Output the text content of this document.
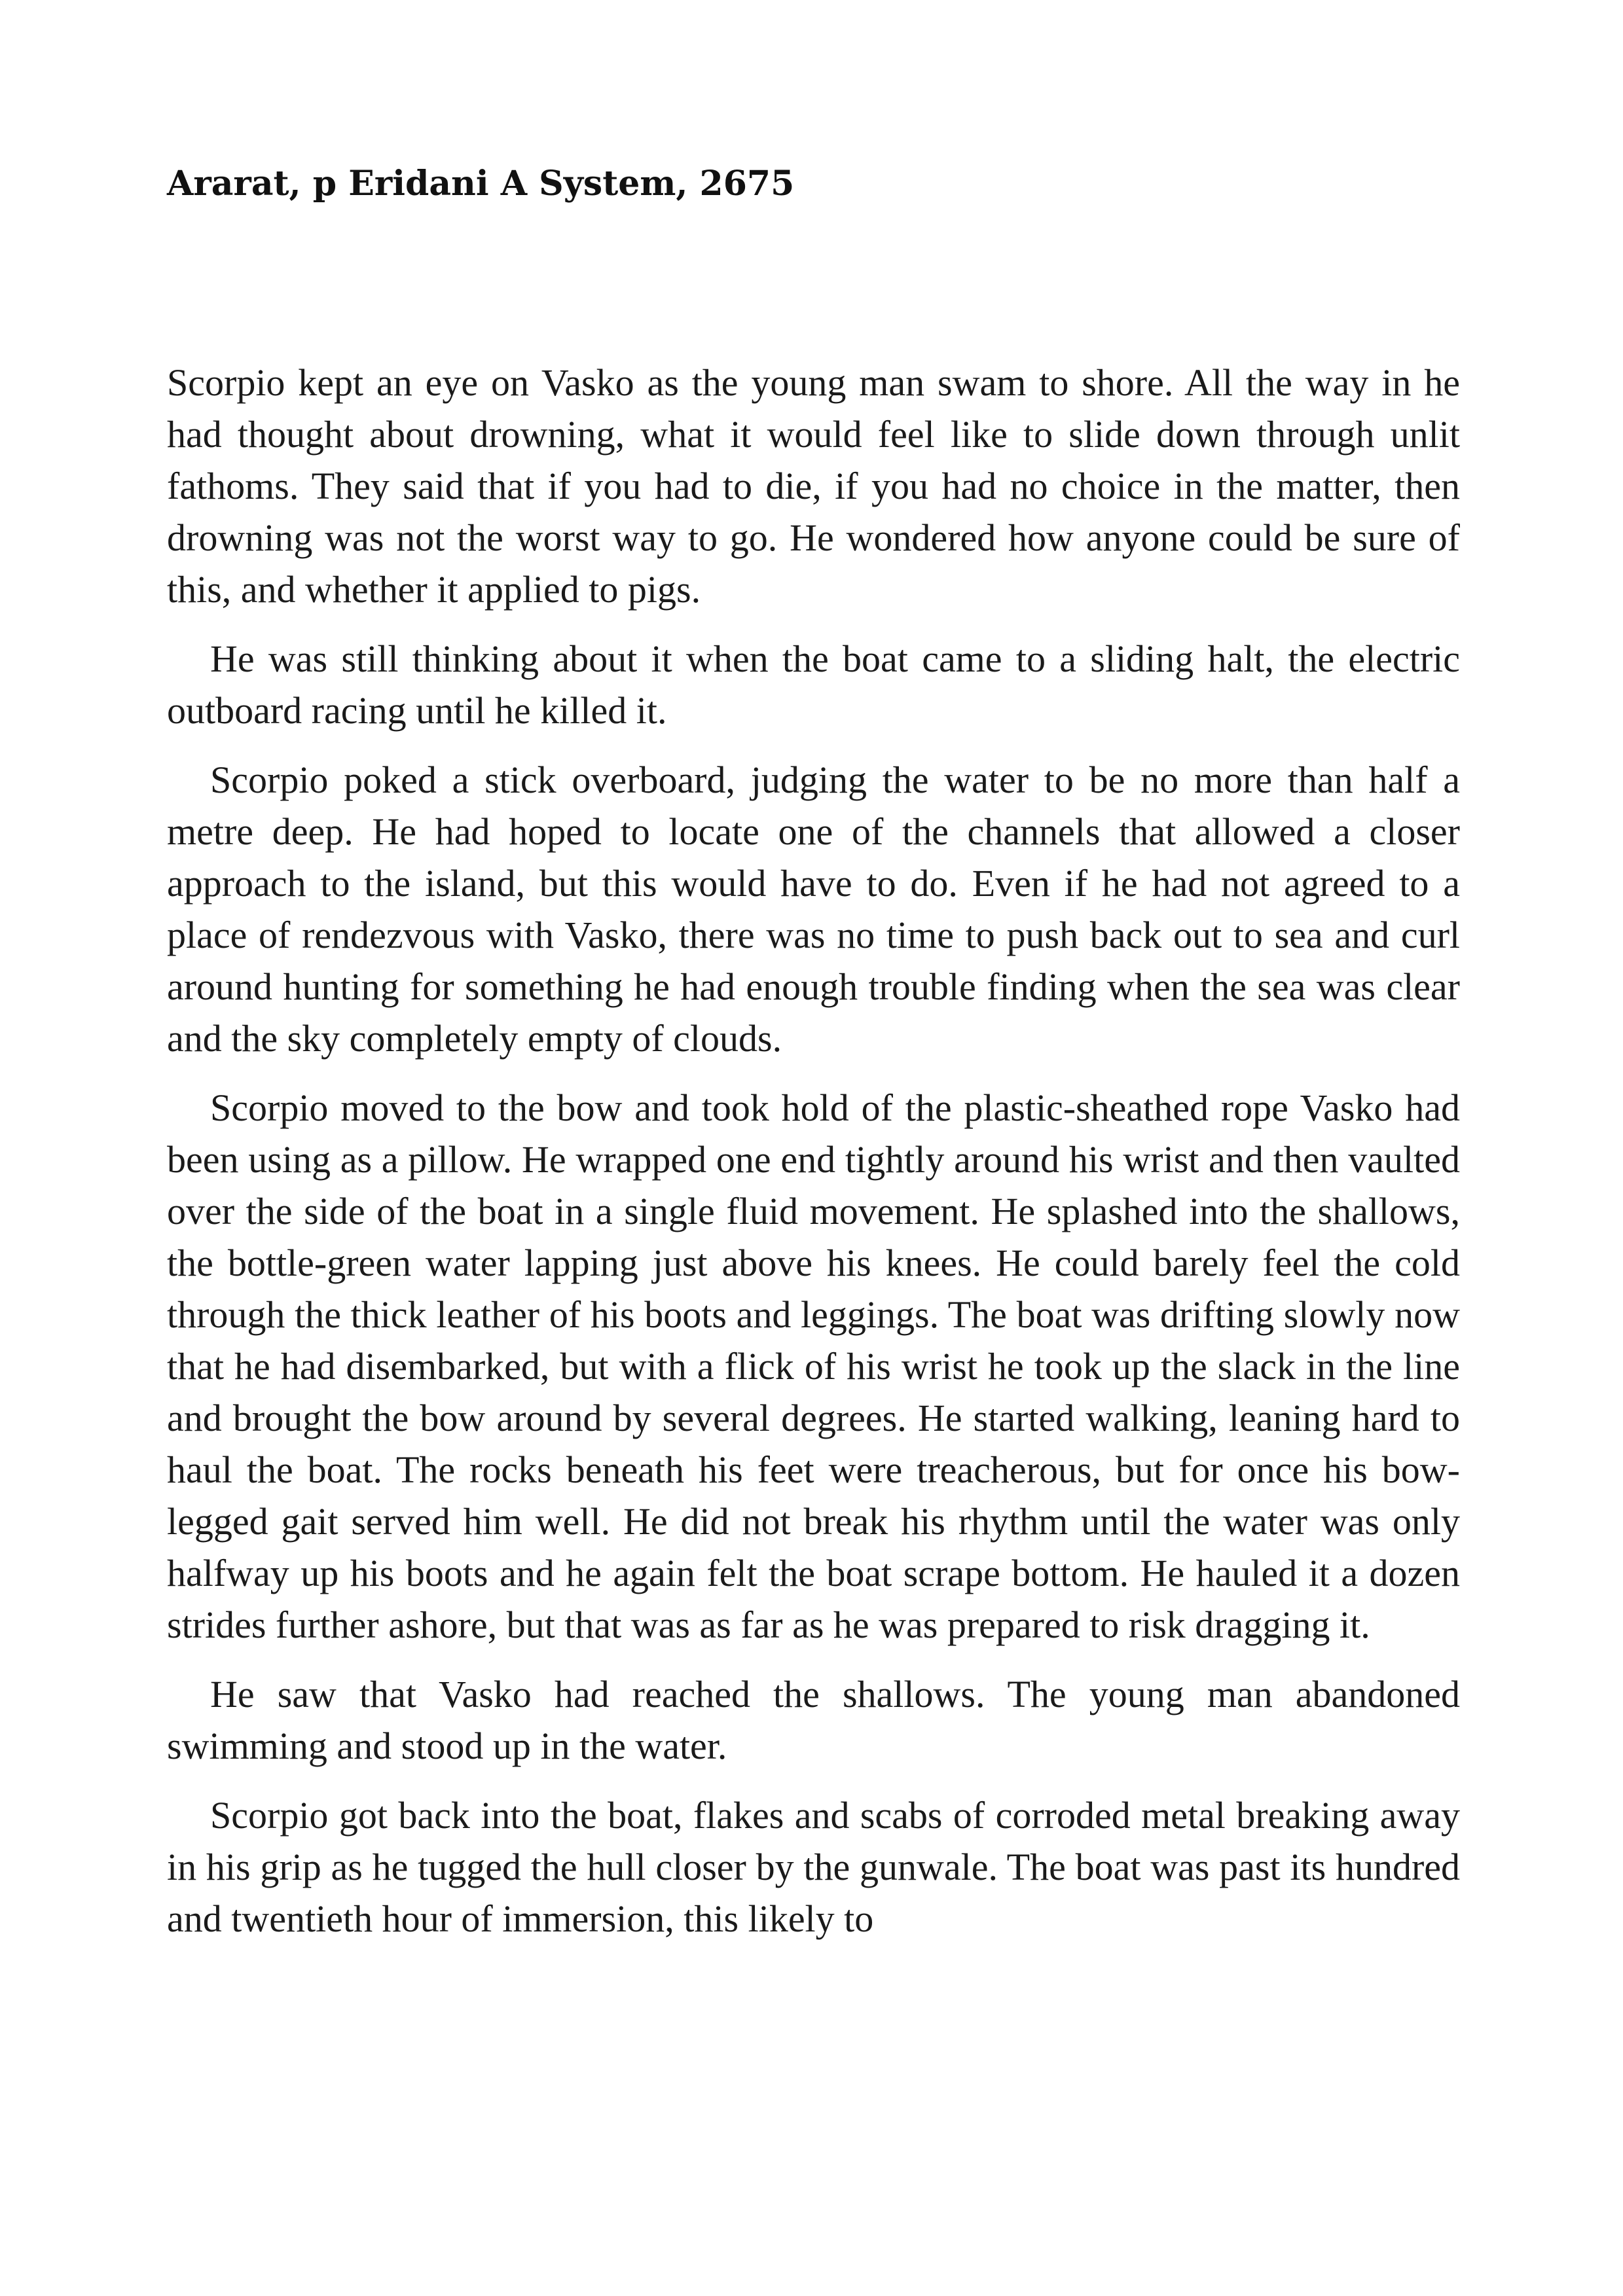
Ararat, p Eridani A System, 2675

Scorpio kept an eye on Vasko as the young man swam to shore. All the way in he had thought about drowning, what it would feel like to slide down through unlit fathoms. They said that if you had to die, if you had no choice in the matter, then drowning was not the worst way to go. He wondered how anyone could be sure of this, and whether it applied to pigs.

He was still thinking about it when the boat came to a sliding halt, the electric outboard racing until he killed it.

Scorpio poked a stick overboard, judging the water to be no more than half a metre deep. He had hoped to locate one of the channels that allowed a closer approach to the island, but this would have to do. Even if he had not agreed to a place of rendezvous with Vasko, there was no time to push back out to sea and curl around hunting for something he had enough trouble finding when the sea was clear and the sky completely empty of clouds.

Scorpio moved to the bow and took hold of the plastic-sheathed rope Vasko had been using as a pillow. He wrapped one end tightly around his wrist and then vaulted over the side of the boat in a single fluid movement. He splashed into the shallows, the bottle-green water lapping just above his knees. He could barely feel the cold through the thick leather of his boots and leggings. The boat was drifting slowly now that he had disembarked, but with a flick of his wrist he took up the slack in the line and brought the bow around by several degrees. He started walking, leaning hard to haul the boat. The rocks beneath his feet were treacherous, but for once his bow-legged gait served him well. He did not break his rhythm until the water was only halfway up his boots and he again felt the boat scrape bottom. He hauled it a dozen strides further ashore, but that was as far as he was prepared to risk dragging it.

He saw that Vasko had reached the shallows. The young man abandoned swimming and stood up in the water.

Scorpio got back into the boat, flakes and scabs of corroded metal breaking away in his grip as he tugged the hull closer by the gunwale. The boat was past its hundred and twentieth hour of immersion, this likely to
